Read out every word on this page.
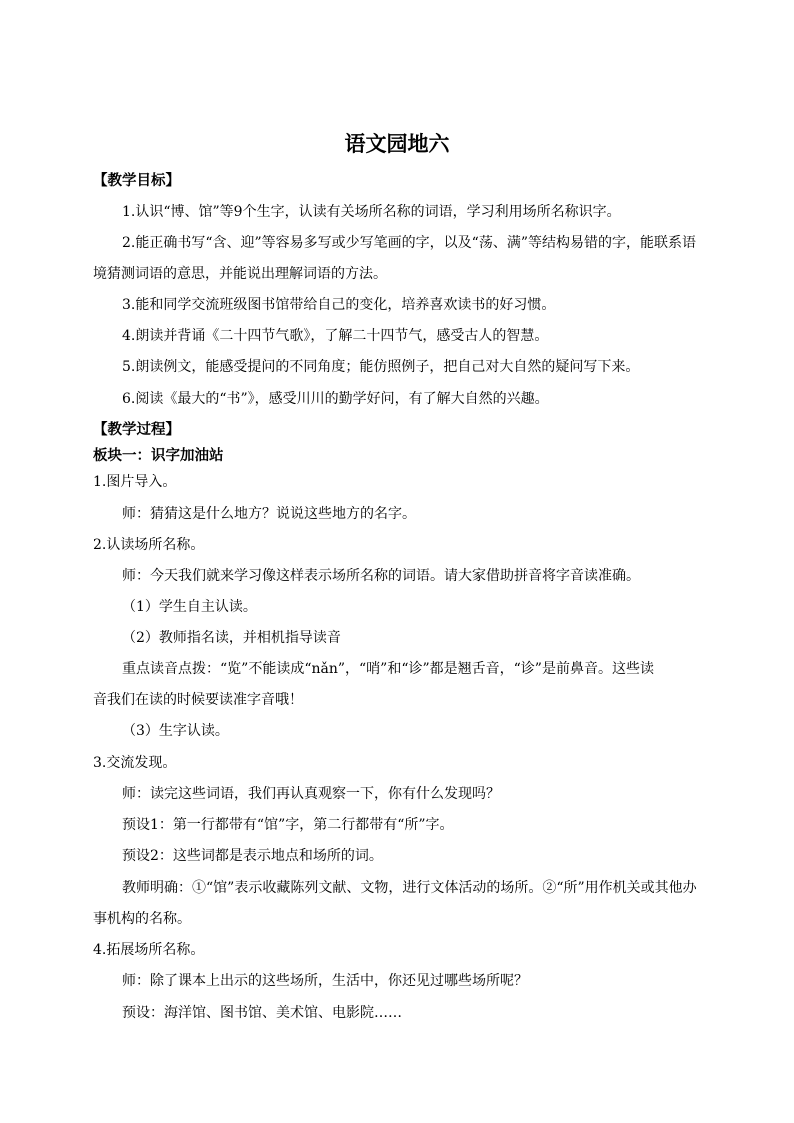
语文园地六
【教学目标】
1.认识“博、馆”等9个生字，认读有关场所名称的词语，学习利用场所名称识字。
2.能正确书写“含、迎”等容易多写或少写笔画的字，以及“荡、满”等结构易错的字，能联系语
境猜测词语的意思，并能说出理解词语的方法。
3.能和同学交流班级图书馆带给自己的变化，培养喜欢读书的好习惯。
4.朗读并背诵《二十四节气歌》，了解二十四节气，感受古人的智慧。
5.朗读例文，能感受提问的不同角度；能仿照例子，把自己对大自然的疑问写下来。
6.阅读《最大的“书”》，感受川川的勤学好问，有了解大自然的兴趣。
【教学过程】
板块一：识字加油站
1.图片导入。
师：猜猜这是什么地方？说说这些地方的名字。
2.认读场所名称。
师：今天我们就来学习像这样表示场所名称的词语。请大家借助拼音将字音读准确。
（1）学生自主认读。
（2）教师指名读，并相机指导读音
重点读音点拨：“览”不能读成“nǎn”，“哨”和“诊”都是翘舌音，“诊”是前鼻音。这些读
音我们在读的时候要读准字音哦！
（3）生字认读。
3.交流发现。
师：读完这些词语，我们再认真观察一下，你有什么发现吗？
预设1：第一行都带有“馆”字，第二行都带有“所”字。
预设2：这些词都是表示地点和场所的词。
教师明确：①“馆”表示收藏陈列文献、文物，进行文体活动的场所。②“所”用作机关或其他办
事机构的名称。
4.拓展场所名称。
师：除了课本上出示的这些场所，生活中，你还见过哪些场所呢？
预设：海洋馆、图书馆、美术馆、电影院……
